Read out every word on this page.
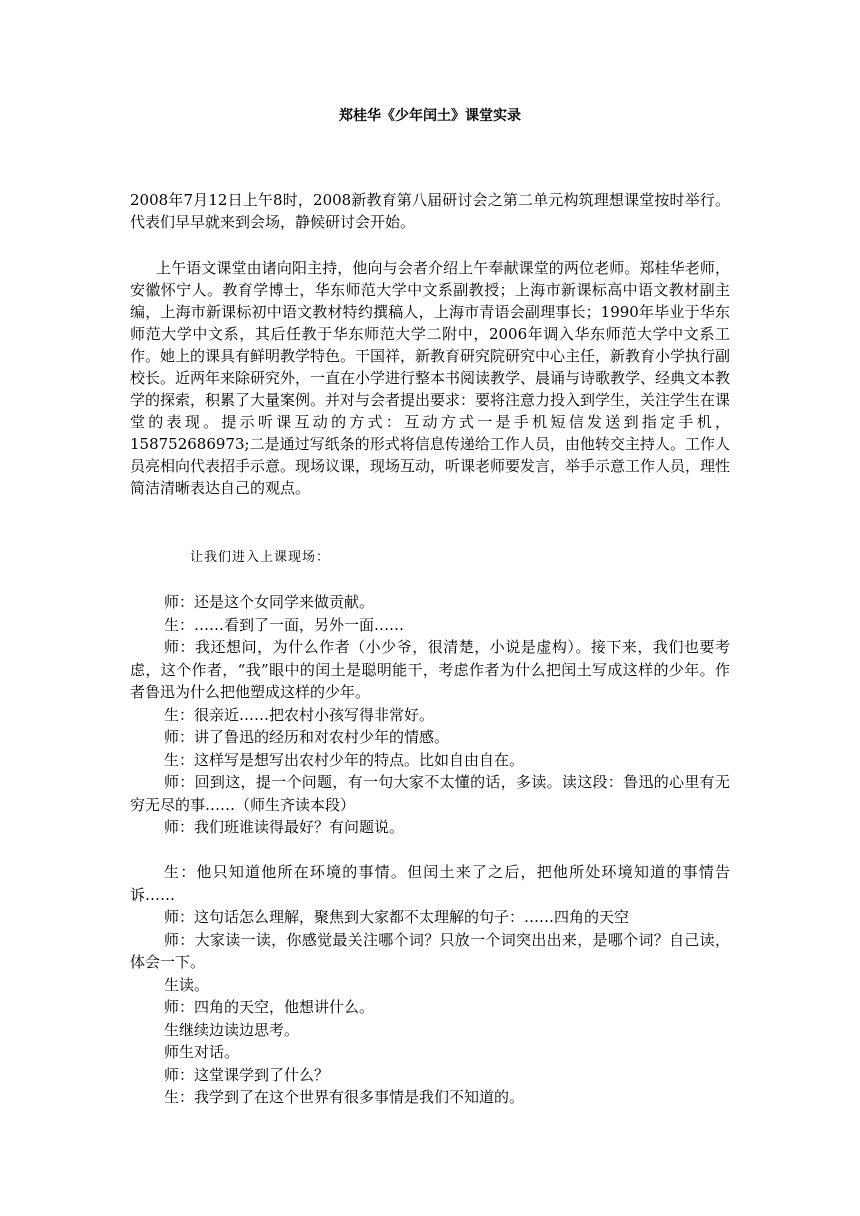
郑桂华《少年闰土》课堂实录

2008年7月12日上午8时，2008新教育第八届研讨会之第二单元构筑理想课堂按时举行。代表们早早就来到会场，静候研讨会开始。

上午语文课堂由诸向阳主持，他向与会者介绍上午奉献课堂的两位老师。郑桂华老师，安徽怀宁人。教育学博士，华东师范大学中文系副教授；上海市新课标高中语文教材副主编，上海市新课标初中语文教材特约撰稿人，上海市青语会副理事长；1990年毕业于华东师范大学中文系，其后任教于华东师范大学二附中，2006年调入华东师范大学中文系工作。她上的课具有鲜明教学特色。干国祥，新教育研究院研究中心主任，新教育小学执行副校长。近两年来除研究外，一直在小学进行整本书阅读教学、晨诵与诗歌教学、经典文本教学的探索，积累了大量案例。并对与会者提出要求：要将注意力投入到学生，关注学生在课堂的表现。提示听课互动的方式：互动方式一是手机短信发送到指定手机，158752686973;二是通过写纸条的形式将信息传递给工作人员，由他转交主持人。工作人员亮相向代表招手示意。现场议课，现场互动，听课老师要发言，举手示意工作人员，理性简洁清晰表达自己的观点。

让我们进入上课现场：

师：还是这个女同学来做贡献。

生：……看到了一面，另外一面……

师：我还想问，为什么作者（小少爷，很清楚，小说是虚构）。接下来，我们也要考虑，这个作者，“我”眼中的闰土是聪明能干，考虑作者为什么把闰土写成这样的少年。作者鲁迅为什么把他塑成这样的少年。

生：很亲近……把农村小孩写得非常好。

师：讲了鲁迅的经历和对农村少年的情感。

生：这样写是想写出农村少年的特点。比如自由自在。

师：回到这，提一个问题，有一句大家不太懂的话，多读。读这段：鲁迅的心里有无穷无尽的事……（师生齐读本段）

师：我们班谁读得最好？有问题说。

生：他只知道他所在环境的事情。但闰土来了之后，把他所处环境知道的事情告诉……

师：这句话怎么理解，聚焦到大家都不太理解的句子：……四角的天空

师：大家读一读，你感觉最关注哪个词？只放一个词突出出来，是哪个词？自己读，体会一下。

生读。

师：四角的天空，他想讲什么。

生继续边读边思考。

师生对话。

师：这堂课学到了什么？

生：我学到了在这个世界有很多事情是我们不知道的。
